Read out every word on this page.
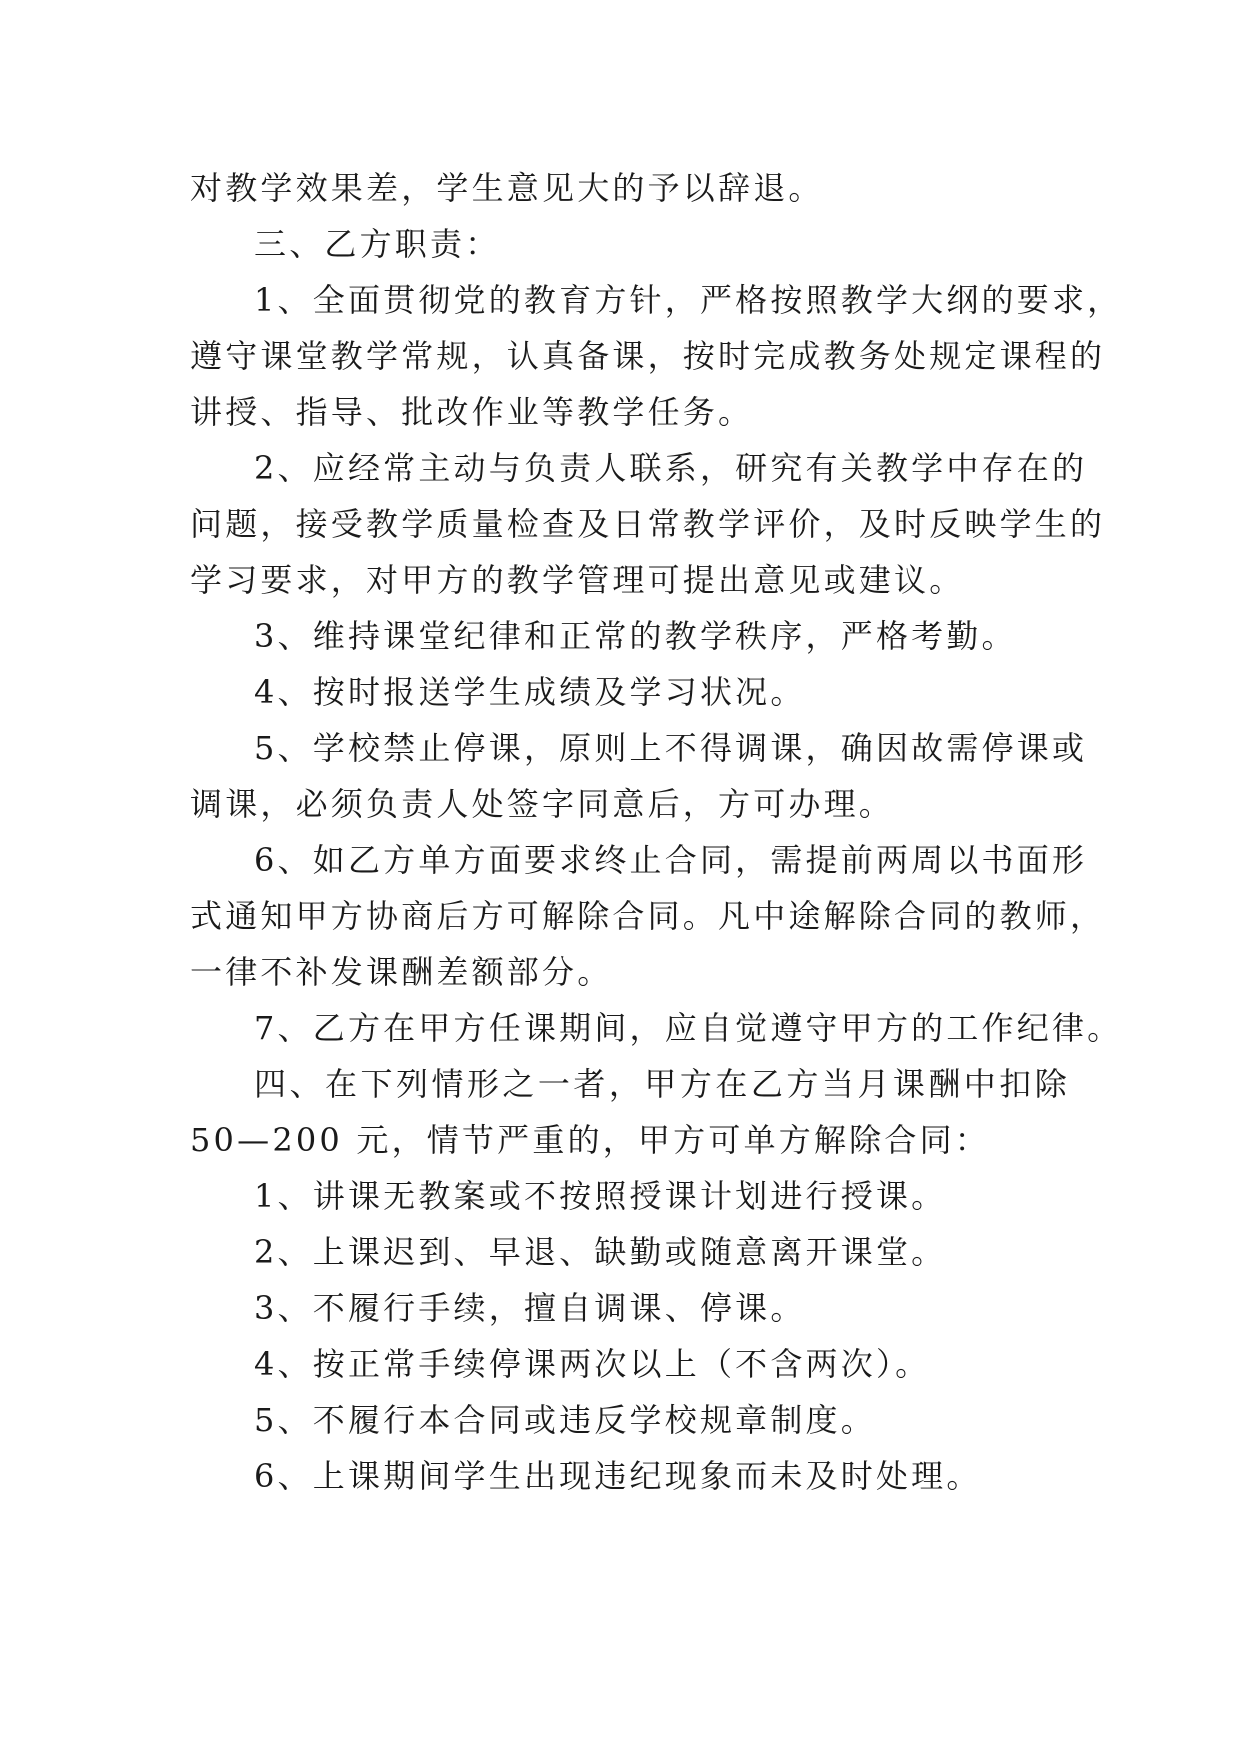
对教学效果差，学生意见大的予以辞退。
三、乙方职责：
1、全面贯彻党的教育方针，严格按照教学大纲的要求，
遵守课堂教学常规，认真备课，按时完成教务处规定课程的
讲授、指导、批改作业等教学任务。
2、应经常主动与负责人联系，研究有关教学中存在的
问题，接受教学质量检查及日常教学评价，及时反映学生的
学习要求，对甲方的教学管理可提出意见或建议。
3、维持课堂纪律和正常的教学秩序，严格考勤。
4、按时报送学生成绩及学习状况。
5、学校禁止停课，原则上不得调课，确因故需停课或
调课，必须负责人处签字同意后，方可办理。
6、如乙方单方面要求终止合同，需提前两周以书面形
式通知甲方协商后方可解除合同。凡中途解除合同的教师，
一律不补发课酬差额部分。
7、乙方在甲方任课期间，应自觉遵守甲方的工作纪律。
四、在下列情形之一者，甲方在乙方当月课酬中扣除
50—200 元，情节严重的，甲方可单方解除合同：
1、讲课无教案或不按照授课计划进行授课。
2、上课迟到、早退、缺勤或随意离开课堂。
3、不履行手续，擅自调课、停课。
4、按正常手续停课两次以上（不含两次）。
5、不履行本合同或违反学校规章制度。
6、上课期间学生出现违纪现象而未及时处理。
